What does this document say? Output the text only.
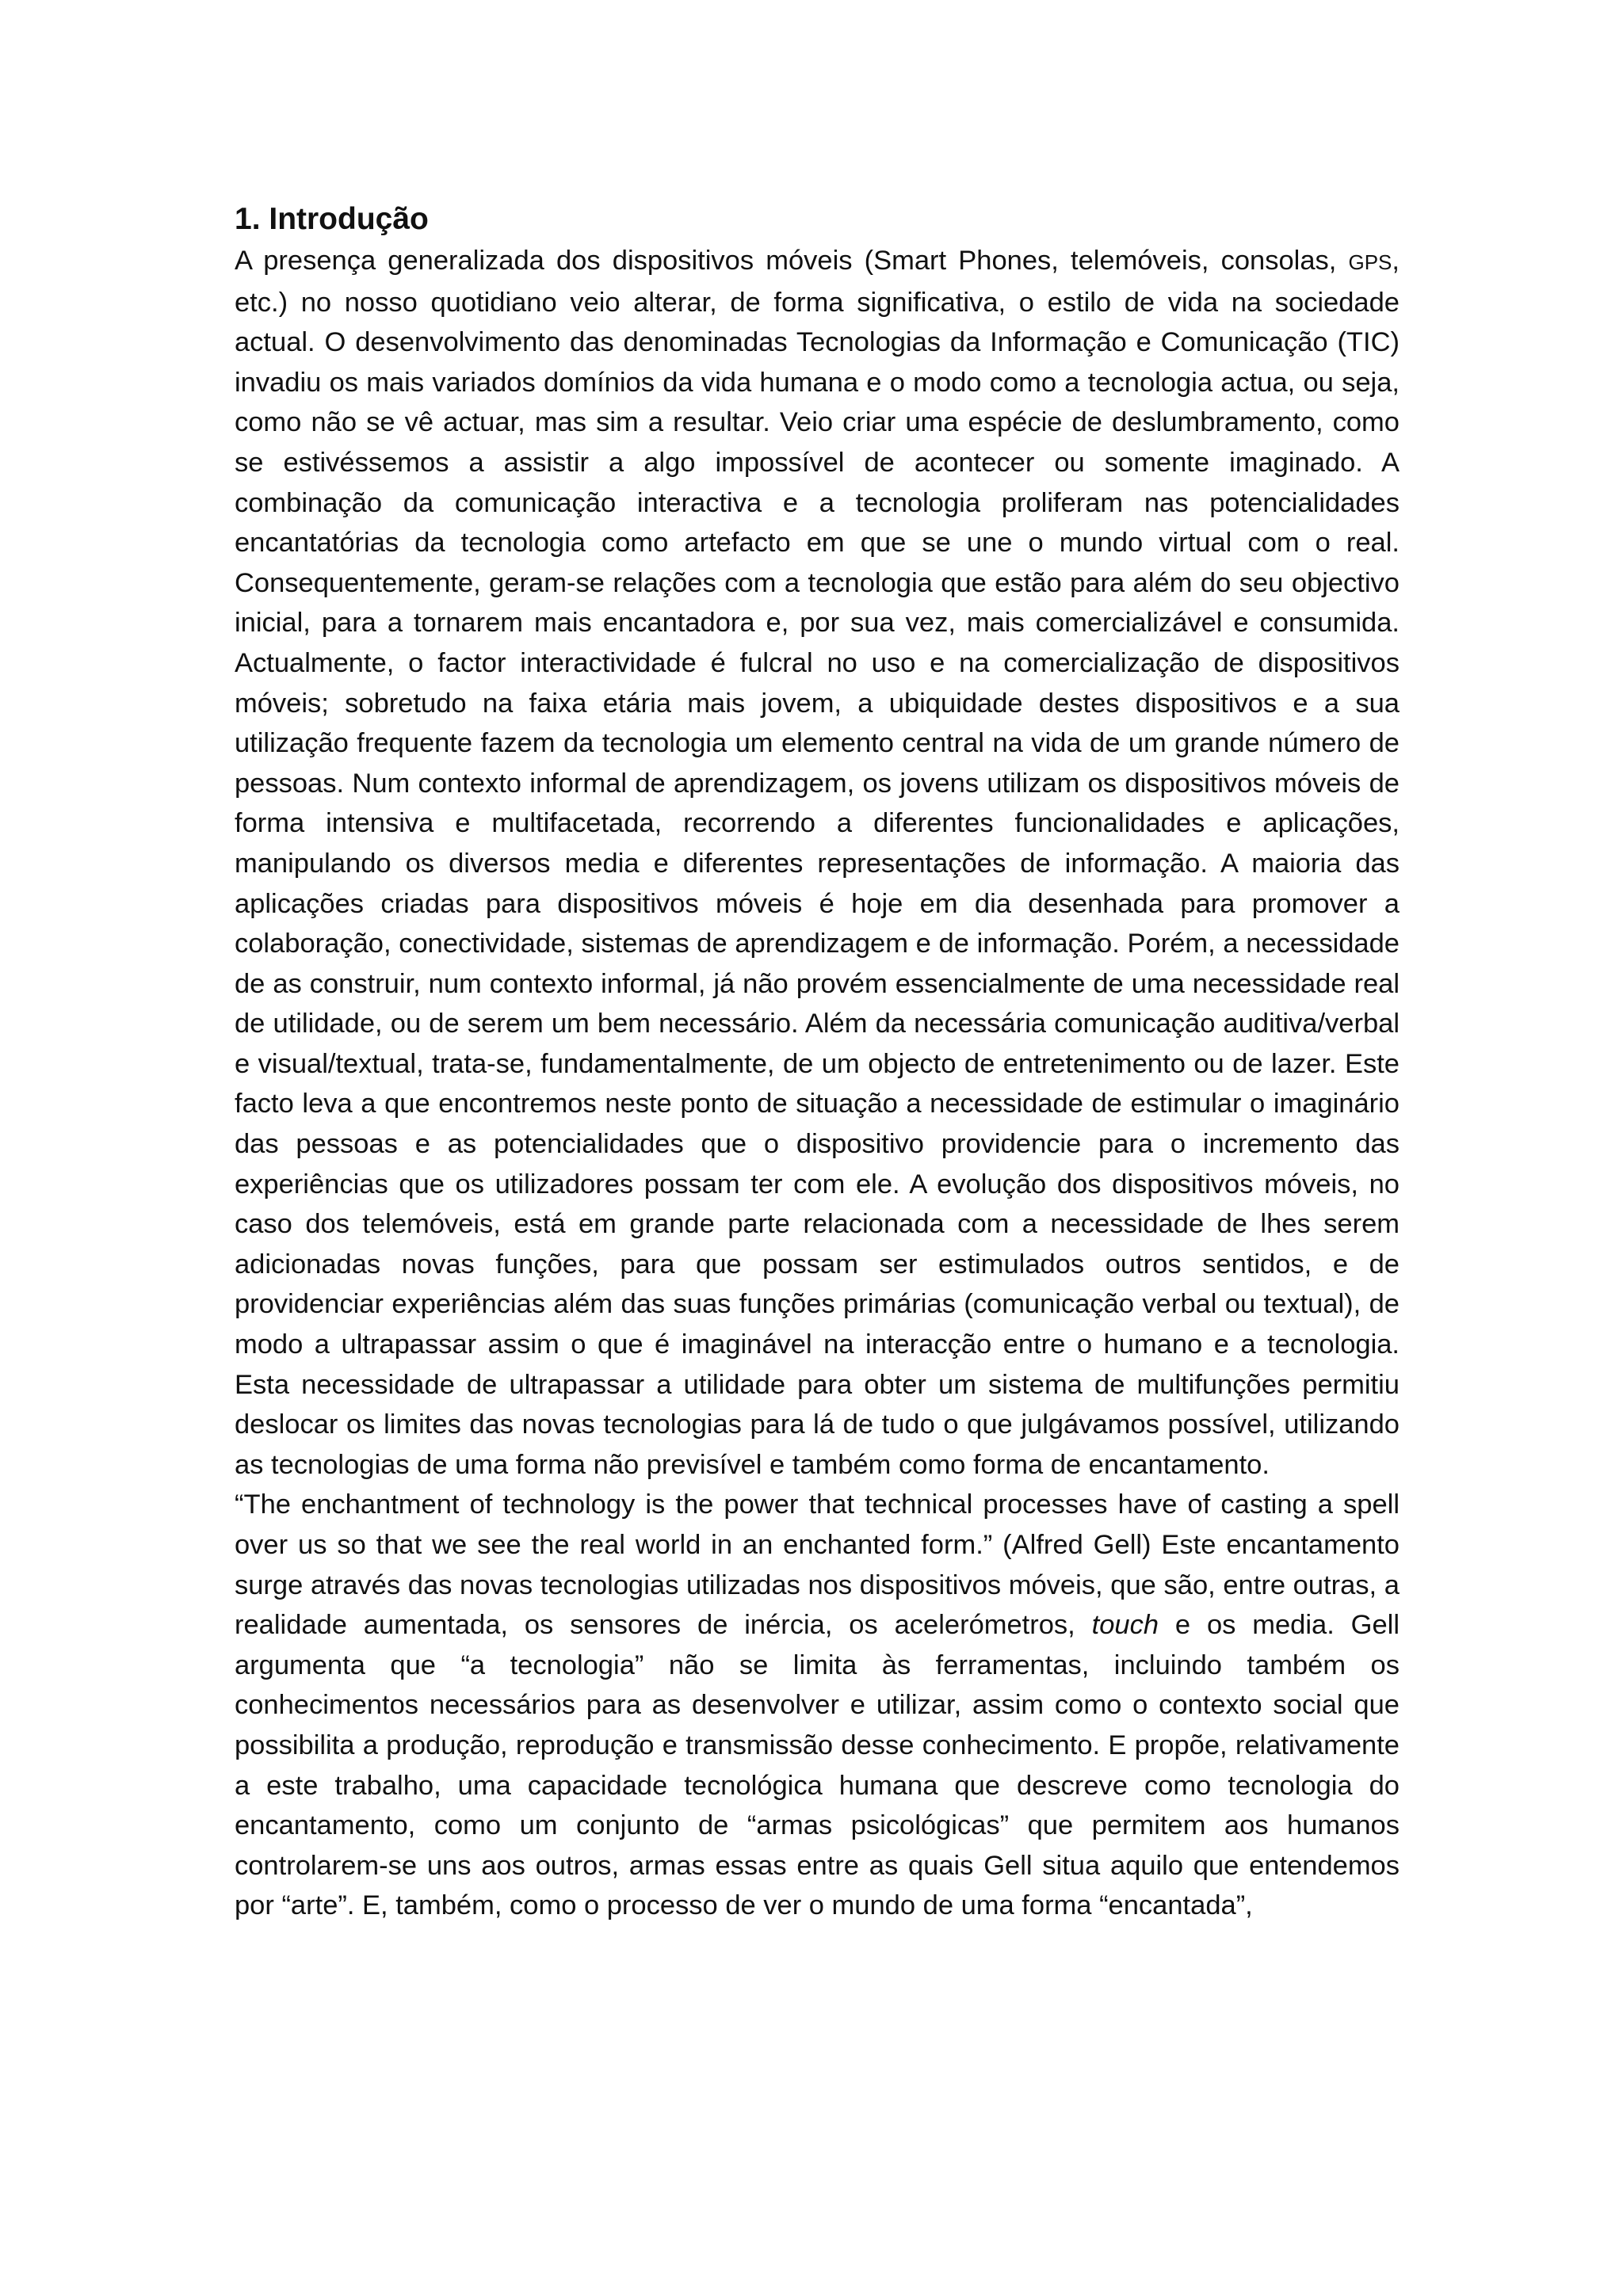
1. Introdução

A presença generalizada dos dispositivos móveis (Smart Phones, telemóveis, consolas, GPS, etc.) no nosso quotidiano veio alterar, de forma significativa, o estilo de vida na sociedade actual. O desenvolvimento das denominadas Tecnologias da Informação e Comunicação (TIC) invadiu os mais variados domínios da vida humana e o modo como a tecnologia actua, ou seja, como não se vê actuar, mas sim a resultar. Veio criar uma espécie de deslumbramento, como se estivéssemos a assistir a algo impossível de acontecer ou somente imaginado. A combinação da comunicação interactiva e a tecnologia proliferam nas potencialidades encantatórias da tecnologia como artefacto em que se une o mundo virtual com o real. Consequentemente, geram-se relações com a tecnologia que estão para além do seu objectivo inicial, para a tornarem mais encantadora e, por sua vez, mais comercializável e consumida. Actualmente, o factor interactividade é fulcral no uso e na comercialização de dispositivos móveis; sobretudo na faixa etária mais jovem, a ubiquidade destes dispositivos e a sua utilização frequente fazem da tecnologia um elemento central na vida de um grande número de pessoas. Num contexto informal de aprendizagem, os jovens utilizam os dispositivos móveis de forma intensiva e multifacetada, recorrendo a diferentes funcionalidades e aplicações, manipulando os diversos media e diferentes representações de informação. A maioria das aplicações criadas para dispositivos móveis é hoje em dia desenhada para promover a colaboração, conectividade, sistemas de aprendizagem e de informação. Porém, a necessidade de as construir, num contexto informal, já não provém essencialmente de uma necessidade real de utilidade, ou de serem um bem necessário. Além da necessária comunicação auditiva/verbal e visual/textual, trata-se, fundamentalmente, de um objecto de entretenimento ou de lazer. Este facto leva a que encontremos neste ponto de situação a necessidade de estimular o imaginário das pessoas e as potencialidades que o dispositivo providencie para o incremento das experiências que os utilizadores possam ter com ele. A evolução dos dispositivos móveis, no caso dos telemóveis, está em grande parte relacionada com a necessidade de lhes serem adicionadas novas funções, para que possam ser estimulados outros sentidos, e de providenciar experiências além das suas funções primárias (comunicação verbal ou textual), de modo a ultrapassar assim o que é imaginável na interacção entre o humano e a tecnologia. Esta necessidade de ultrapassar a utilidade para obter um sistema de multifunções permitiu deslocar os limites das novas tecnologias para lá de tudo o que julgávamos possível, utilizando as tecnologias de uma forma não previsível e também como forma de encantamento.

“The enchantment of technology is the power that technical processes have of casting a spell over us so that we see the real world in an enchanted form.” (Alfred Gell) Este encantamento surge através das novas tecnologias utilizadas nos dispositivos móveis, que são, entre outras, a realidade aumentada, os sensores de inércia, os acelerómetros, touch e os media. Gell argumenta que “a tecnologia” não se limita às ferramentas, incluindo também os conhecimentos necessários para as desenvolver e utilizar, assim como o contexto social que possibilita a produção, reprodução e transmissão desse conhecimento. E propõe, relativamente a este trabalho, uma capacidade tecnológica humana que descreve como tecnologia do encantamento, como um conjunto de “armas psicológicas” que permitem aos humanos controlarem-se uns aos outros, armas essas entre as quais Gell situa aquilo que entendemos por “arte”. E, também, como o processo de ver o mundo de uma forma “encantada”,
